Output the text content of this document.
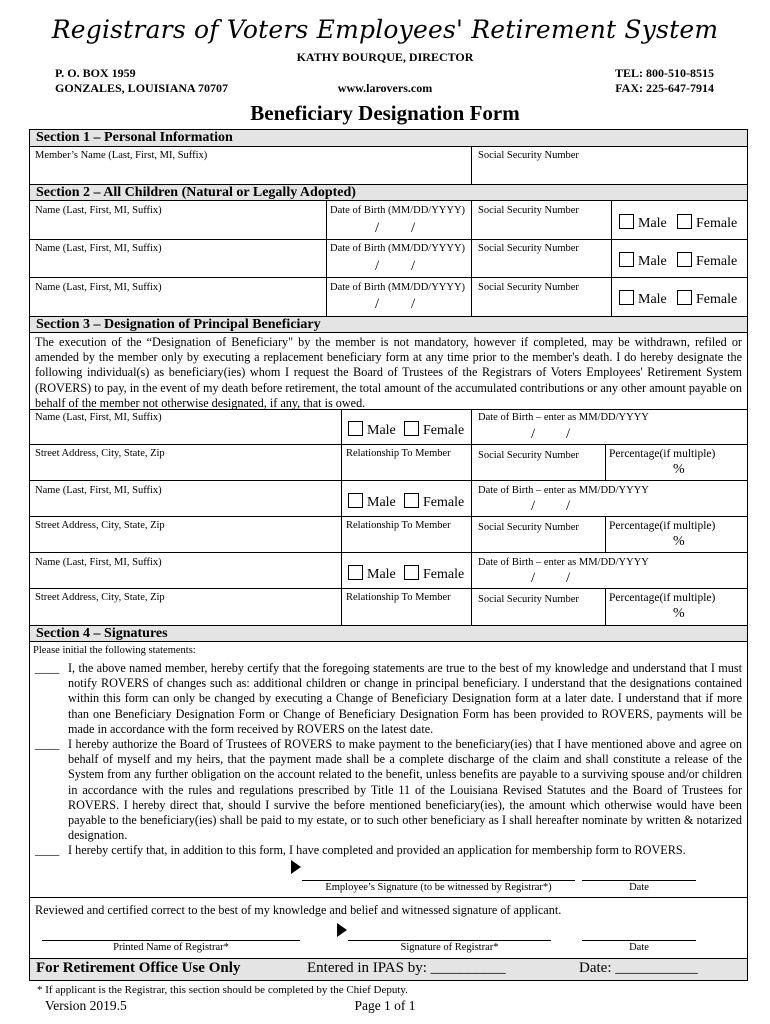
Registrars of Voters Employees' Retirement System
KATHY BOURQUE, DIRECTOR
P. O. BOX 1959
GONZALES, LOUISIANA 70707	www.larovers.com
TEL: 800-510-8515
FAX: 225-647-7914
Beneficiary Designation Form
Section 1 – Personal Information
Member’s Name (Last, First, MI, Suffix)	Social Security Number
Section 2 – All Children (Natural or Legally Adopted)
Name (Last, First, MI, Suffix)	Date of Birth (MM/DD/YYYY)
/ /
Social Security Number
Male	Female
Name (Last, First, MI, Suffix)	Date of Birth (MM/DD/YYYY)
/ /
Social Security Number
Male	Female
Name (Last, First, MI, Suffix)	Date of Birth (MM/DD/YYYY)
/ /
Social Security Number
Male	Female
Section 3 – Designation of Principal Beneficiary
The execution of the “Designation of Beneficiary" by the member is not mandatory, however if completed, may be withdrawn, refiled or amended by the member only by executing a replacement beneficiary form at any time prior to the member's death. I do hereby designate the following individual(s) as beneficiary(ies) whom I request the Board of Trustees of the Registrars of Voters Employees' Retirement System (ROVERS) to pay, in the event of my death before retirement, the total amount of the accumulated contributions or any other amount payable on behalf of the member not otherwise designated, if any, that is owed.
Name (Last, First, MI, Suffix)
Male	Female
Date of Birth – enter as MM/DD/YYYY
/ /
Street Address, City, State, Zip	Relationship To Member	Social Security Number	Percentage(if multiple)
%
Name (Last, First, MI, Suffix)
Male	Female
Date of Birth – enter as MM/DD/YYYY
/ /
Street Address, City, State, Zip	Relationship To Member	Social Security Number	Percentage(if multiple)
%
Name (Last, First, MI, Suffix)
Male	Female
Date of Birth – enter as MM/DD/YYYY
/ /
Street Address, City, State, Zip	Relationship To Member	Social Security Number	Percentage(if multiple)
%
Section 4 – Signatures
Please initial the following statements:
____ I, the above named member, hereby certify that the foregoing statements are true to the best of my knowledge and understand that I must notify ROVERS of changes such as: additional children or change in principal beneficiary. I understand that the designations contained within this form can only be changed by executing a Change of Beneficiary Designation form at a later date. I understand that if more than one Beneficiary Designation Form or Change of Beneficiary Designation Form has been provided to ROVERS, payments will be made in accordance with the form received by ROVERS on the latest date.
____ I hereby authorize the Board of Trustees of ROVERS to make payment to the beneficiary(ies) that I have mentioned above and agree on behalf of myself and my heirs, that the payment made shall be a complete discharge of the claim and shall constitute a release of the System from any further obligation on the account related to the benefit, unless benefits are payable to a surviving spouse and/or children in accordance with the rules and regulations prescribed by Title 11 of the Louisiana Revised Statutes and the Board of Trustees for ROVERS. I hereby direct that, should I survive the before mentioned beneficiary(ies), the amount which otherwise would have been payable to the beneficiary(ies) shall be paid to my estate, or to such other beneficiary as I shall hereafter nominate by written & notarized designation.
____ I hereby certify that, in addition to this form, I have completed and provided an application for membership form to ROVERS.
Employee’s Signature (to be witnessed by Registrar*)	Date
Reviewed and certified correct to the best of my knowledge and belief and witnessed signature of applicant.
Printed Name of Registrar*	Signature of Registrar*	Date
For Retirement Office Use Only	Entered in IPAS by: __________	Date: ___________
* If applicant is the Registrar, this section should be completed by the Chief Deputy.
Version 2019.5	Page 1 of 1
